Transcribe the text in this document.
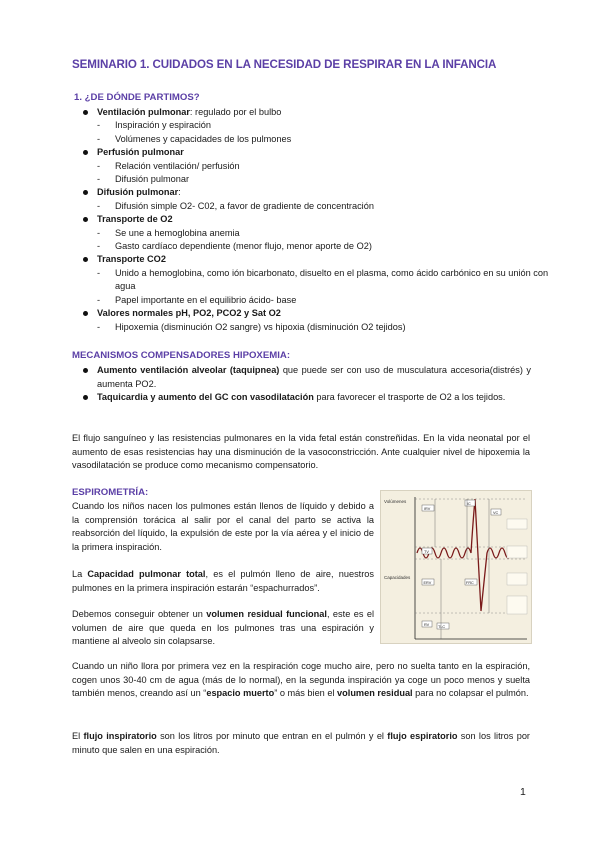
SEMINARIO 1. CUIDADOS EN LA NECESIDAD DE RESPIRAR EN LA INFANCIA
1. ¿DE DÓNDE PARTIMOS?
Ventilación pulmonar: regulado por el bulbo
- Inspiración y espiración
- Volúmenes y capacidades de los pulmones
Perfusión pulmonar
- Relación ventilación/ perfusión
- Difusión pulmonar
Difusión pulmonar:
- Difusión simple O2- C02, a favor de gradiente de concentración
Transporte de O2
- Se une a hemoglobina anemia
- Gasto cardíaco dependiente (menor flujo, menor aporte de O2)
Transporte CO2
- Unido a hemoglobina, como ión bicarbonato, disuelto en el plasma, como ácido carbónico en su unión con agua
- Papel importante en el equilibrio ácido- base
Valores normales pH, PO2, PCO2 y Sat O2
- Hipoxemia (disminución O2 sangre) vs hipoxia (disminución O2 tejidos)
MECANISMOS COMPENSADORES HIPOXEMIA:
Aumento ventilación alveolar (taquipnea) que puede ser con uso de musculatura accesoria(distrés) y aumenta PO2.
Taquicardia y aumento del GC con vasodilatación para favorecer el trasporte de O2 a los tejidos.
El flujo sanguíneo y las resistencias pulmonares en la vida fetal están constreñidas. En la vida neonatal por el aumento de esas resistencias hay una disminución de la vasoconstricción. Ante cualquier nivel de hipoxemia la vasodilatación se produce como mecanismo compensatorio.
ESPIROMETRÍA:
Cuando los niños nacen los pulmones están llenos de líquido y debido a la comprensión torácica al salir por el canal del parto se activa la reabsorción del líquido, la expulsión de este por la vía aérea y el inicio de la primera inspiración.
La Capacidad pulmonar total, es el pulmón lleno de aire, nuestros pulmones en la primera inspiración estarán “espachurrados”.
Debemos conseguir obtener un volumen residual funcional, este es el volumen de aire que queda en los pulmones tras una espiración y mantiene al alveolo sin colapsarse.
Volúmenes
Capacidades
IRV
TV
ERV
RV
IC
FRC
VC
TLC
Cuando un niño llora por primera vez en la respiración coge mucho aire, pero no suelta tanto en la espiración, cogen unos 30-40 cm de agua (más de lo normal), en la segunda inspiración ya coge un poco menos y suelta también menos, creando así un “espacio muerto” o más bien el volumen residual para no colapsar el pulmón.
El flujo inspiratorio son los litros por minuto que entran en el pulmón y el flujo espiratorio son los litros por minuto que salen en una espiración.
1
